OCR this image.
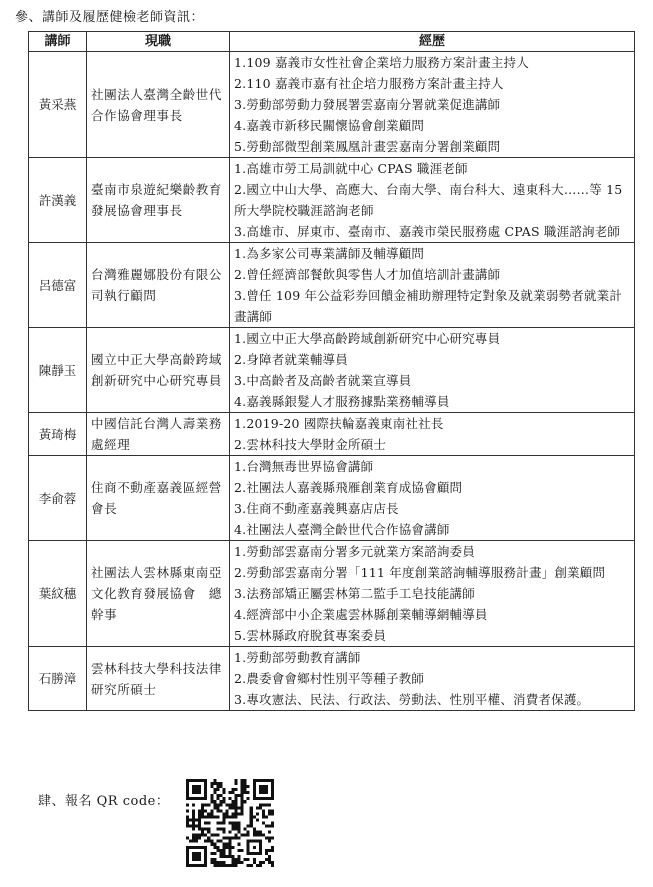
參、講師及履歷健檢老師資訊：
講師	現職	經歷
黃采燕	社團法人臺灣全齡世代合作協會理事長	1.109 嘉義市女性社會企業培力服務方案計畫主持人
2.110 嘉義市嘉有社企培力服務方案計畫主持人
3.勞動部勞動力發展署雲嘉南分署就業促進講師
4.嘉義市新移民關懷協會創業顧問
5.勞動部微型創業鳳凰計畫雲嘉南分署創業顧問

許漢義	臺南市泉遊紀樂齡教育發展協會理事長	1.高雄市勞工局訓就中心 CPAS 職涯老師
2.國立中山大學、高應大、台南大學、南台科大、遠東科大……等 15 所大學院校職涯諮詢老師
3.高雄市、屏東市、臺南市、嘉義市榮民服務處 CPAS 職涯諮詢老師

呂德富	台灣雅麗娜股份有限公司執行顧問	1.為多家公司專業講師及輔導顧問
2.曾任經濟部餐飲與零售人才加值培訓計畫講師
3.曾任 109 年公益彩券回饋金補助辦理特定對象及就業弱勢者就業計畫講師

陳靜玉	國立中正大學高齡跨域創新研究中心研究專員	1.國立中正大學高齡跨域創新研究中心研究專員
2.身障者就業輔導員
3.中高齡者及高齡者就業宣導員
4.嘉義縣銀髮人才服務據點業務輔導員

黃琦梅	中國信託台灣人壽業務處經理	1.2019-20 國際扶輪嘉義東南社社長
2.雲林科技大學財金所碩士

李俞蓉	住商不動產嘉義區經營會長	1.台灣無毒世界協會講師
2.社團法人嘉義縣飛雁創業育成協會顧問
3.住商不動產嘉義興嘉店店長
4.社團法人臺灣全齡世代合作協會講師

葉紋穗	社團法人雲林縣東南亞文化教育發展協會　總幹事	1.勞動部雲嘉南分署多元就業方案諮詢委員
2.勞動部雲嘉南分署「111 年度創業諮詢輔導服務計畫」創業顧問
3.法務部矯正屬雲林第二監手工皂技能講師
4.經濟部中小企業處雲林縣創業輔導網輔導員
5.雲林縣政府脫貧專案委員

石勝漳	雲林科技大學科技法律研究所碩士	1.勞動部勞動教育講師
2.農委會會鄉村性別平等種子教師
3.專攻憲法、民法、行政法、勞動法、性別平權、消費者保護。
肆、報名 QR code：
